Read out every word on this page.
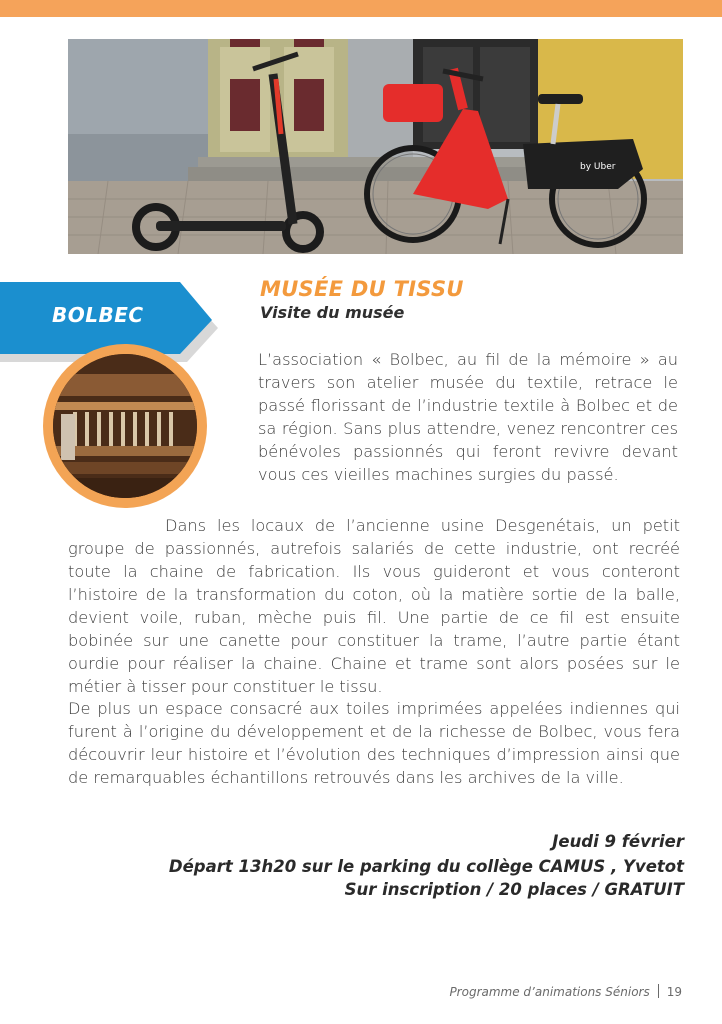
by Uber
BOLBEC
MUSÉE DU TISSU
Visite du musée

L’association « Bolbec, au fil de la mémoire » au travers son atelier musée du textile, retrace le passé florissant de l’industrie textile à Bolbec et de sa région. Sans plus attendre, venez rencontrer ces bénévoles passionnés qui feront revivre devant vous ces vieilles machines surgies du passé.

Dans les locaux de l’ancienne usine Desgenétais, un petit groupe de passionnés, autrefois salariés de cette industrie, ont recréé toute la chaine de fabrication. Ils vous guideront et vous conteront l’histoire de la transformation du coton, où la matière sortie de la balle, devient voile, ruban, mèche puis fil. Une partie de ce fil est ensuite bobinée sur une canette pour constituer la trame, l’autre partie étant ourdie pour réaliser la chaine. Chaine et trame sont alors posées sur le métier à tisser pour constituer le tissu.

De plus un espace consacré aux toiles imprimées appelées indiennes qui furent à l’origine du développement et de la richesse de Bolbec, vous fera découvrir leur histoire et l’évolution des techniques d’impression ainsi que de remarquables échantillons retrouvés dans les archives de la ville.

Jeudi 9 février
Départ 13h20 sur le parking du collège CAMUS , Yvetot
Sur inscription / 20 places / GRATUIT
Programme d’animations Séniors 19
